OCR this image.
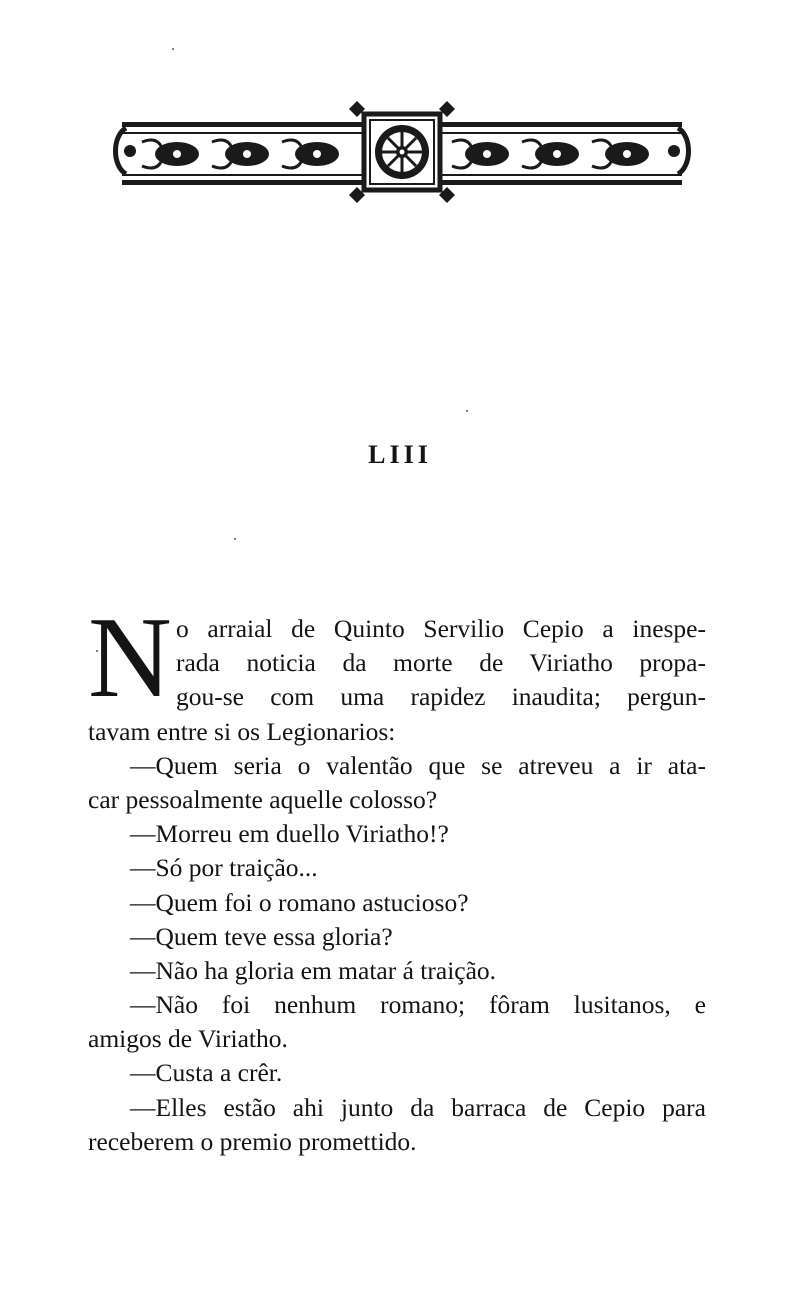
LIII
N o arraial de Quinto Servilio Cepio a inespe-
rada noticia da morte de Viriatho propa-
gou-se com uma rapidez inaudita; pergun-
tavam entre si os Legionarios:
—Quem seria o valentão que se atreveu a ir ata-
car pessoalmente aquelle colosso?
—Morreu em duello Viriatho!?
—Só por traição...
—Quem foi o romano astucioso?
—Quem teve essa gloria?
—Não ha gloria em matar á traição.
—Não foi nenhum romano; fôram lusitanos, e
amigos de Viriatho.
—Custa a crêr.
—Elles estão ahi junto da barraca de Cepio para
receberem o premio promettido.
